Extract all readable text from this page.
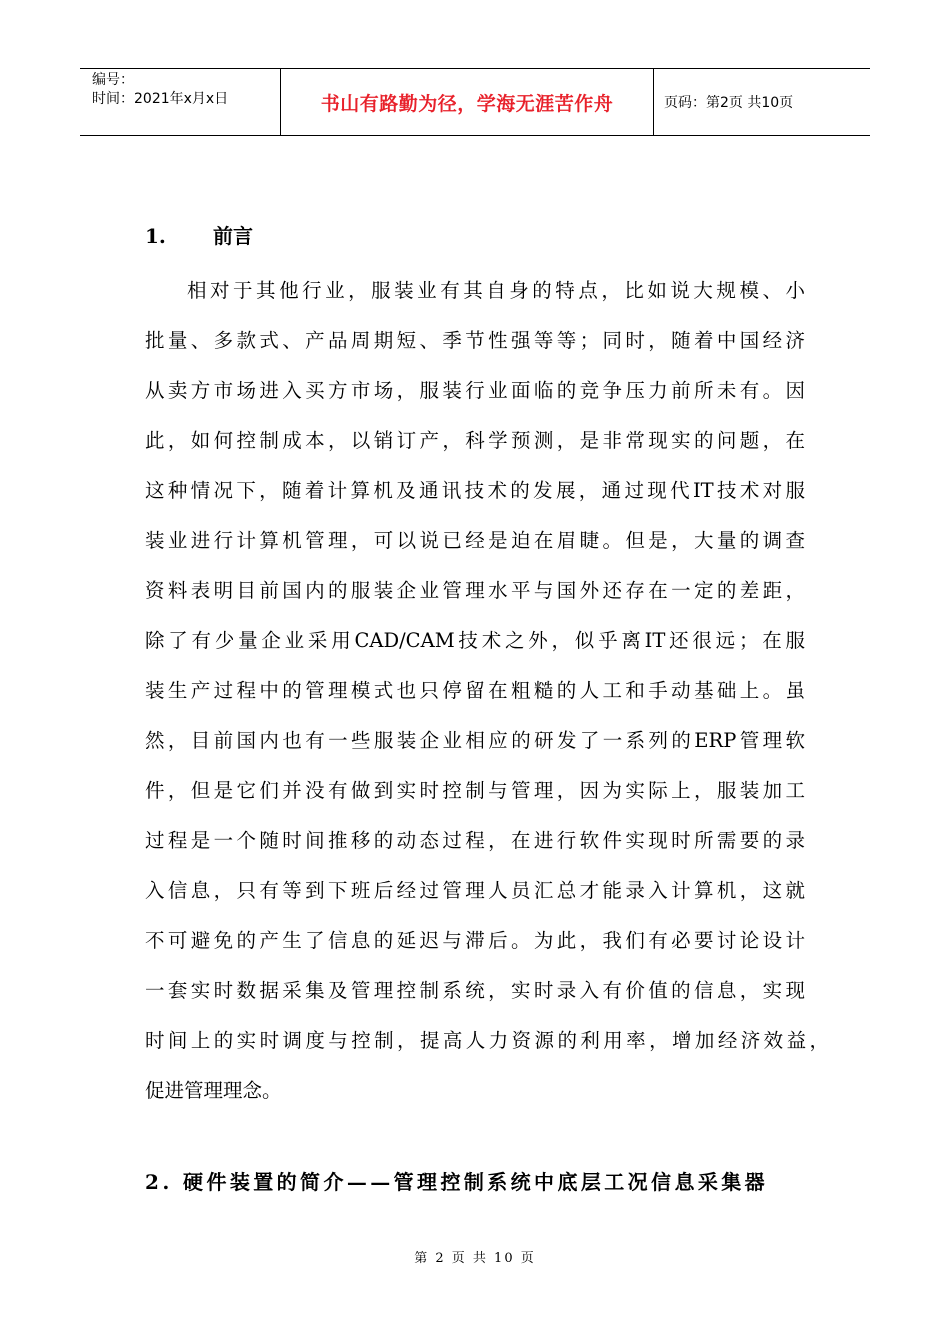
编号：
时间：2021年x月x日	书山有路勤为径，学海无涯苦作舟	页码：第2页 共10页
1. 前言
相对于其他行业，服装业有其自身的特点，比如说大规模、小
批量、多款式、产品周期短、季节性强等等；同时，随着中国经济
从卖方市场进入买方市场，服装行业面临的竞争压力前所未有。因
此，如何控制成本，以销订产，科学预测，是非常现实的问题，在
这种情况下，随着计算机及通讯技术的发展，通过现代IT技术对服
装业进行计算机管理，可以说已经是迫在眉睫。但是，大量的调查
资料表明目前国内的服装企业管理水平与国外还存在一定的差距，
除了有少量企业采用CAD/CAM技术之外，似乎离IT还很远；在服
装生产过程中的管理模式也只停留在粗糙的人工和手动基础上。虽
然，目前国内也有一些服装企业相应的研发了一系列的ERP管理软
件，但是它们并没有做到实时控制与管理，因为实际上，服装加工
过程是一个随时间推移的动态过程，在进行软件实现时所需要的录
入信息，只有等到下班后经过管理人员汇总才能录入计算机，这就
不可避免的产生了信息的延迟与滞后。为此，我们有必要讨论设计
一套实时数据采集及管理控制系统，实时录入有价值的信息，实现
时间上的实时调度与控制，提高人力资源的利用率，增加经济效益，
促进管理理念。
2. 硬件装置的简介——管理控制系统中底层工况信息采集器
第 2 页 共 10 页
